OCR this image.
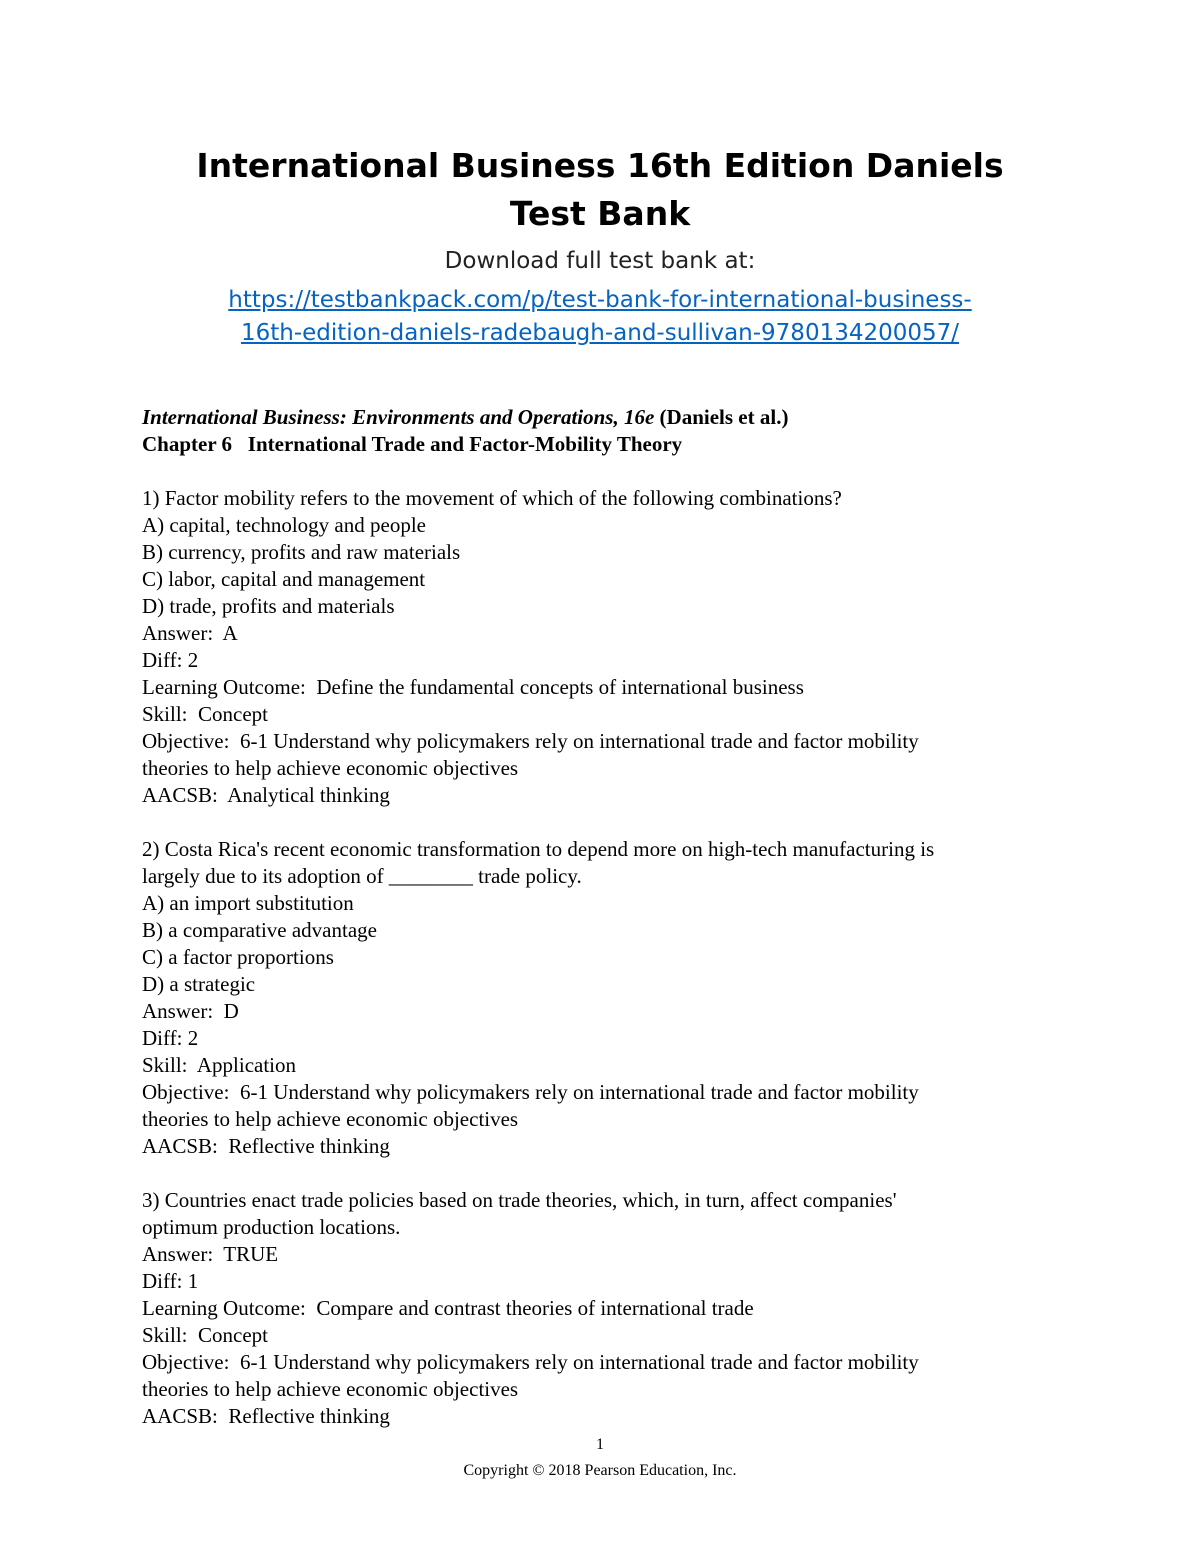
International Business 16th Edition Daniels

Test Bank

Download full test bank at:
https://testbankpack.com/p/test-bank-for-international-business-
16th-edition-daniels-radebaugh-and-sullivan-9780134200057/

International Business: Environments and Operations, 16e (Daniels et al.)

Chapter 6   International Trade and Factor-Mobility Theory

1) Factor mobility refers to the movement of which of the following combinations?

A) capital, technology and people

B) currency, profits and raw materials

C) labor, capital and management

D) trade, profits and materials

Answer:  A

Diff: 2

Learning Outcome:  Define the fundamental concepts of international business

Skill:  Concept

Objective:  6-1 Understand why policymakers rely on international trade and factor mobility

theories to help achieve economic objectives

AACSB:  Analytical thinking

2) Costa Rica's recent economic transformation to depend more on high-tech manufacturing is

largely due to its adoption of ________ trade policy.

A) an import substitution

B) a comparative advantage

C) a factor proportions

D) a strategic

Answer:  D

Diff: 2

Skill:  Application

Objective:  6-1 Understand why policymakers rely on international trade and factor mobility

theories to help achieve economic objectives

AACSB:  Reflective thinking

3) Countries enact trade policies based on trade theories, which, in turn, affect companies'

optimum production locations.

Answer:  TRUE

Diff: 1

Learning Outcome:  Compare and contrast theories of international trade

Skill:  Concept

Objective:  6-1 Understand why policymakers rely on international trade and factor mobility

theories to help achieve economic objectives

AACSB:  Reflective thinking

1
Copyright © 2018 Pearson Education, Inc.
